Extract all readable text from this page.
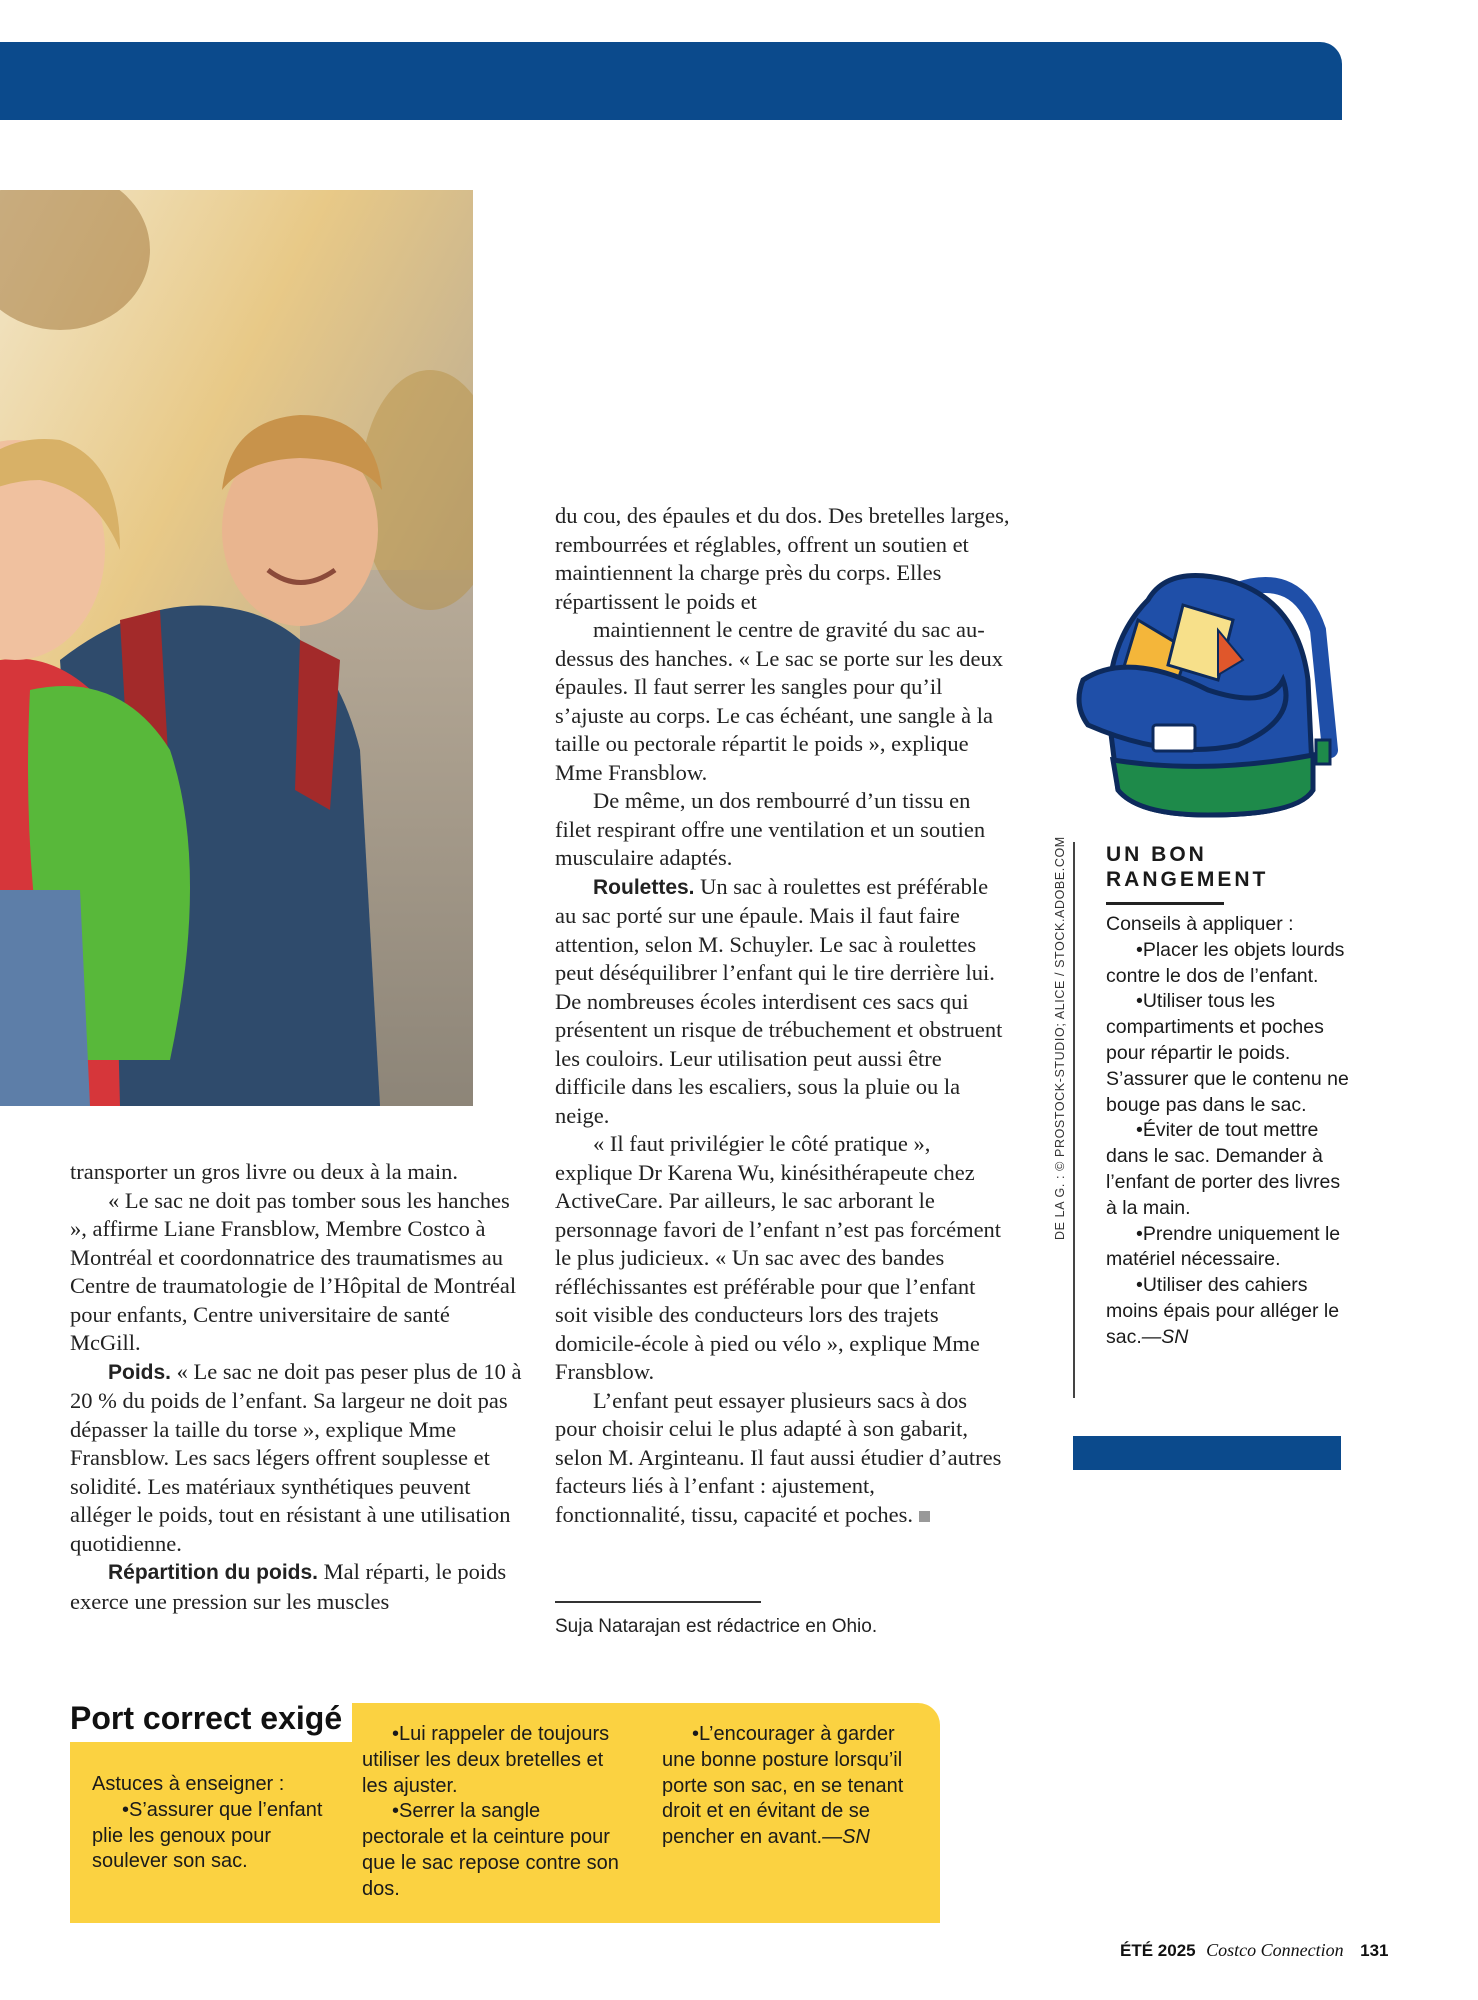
transporter un gros livre ou deux à la main.

« Le sac ne doit pas tomber sous les hanches », affirme Liane Fransblow, Membre Costco à Montréal et coordonnatrice des traumatismes au Centre de traumatologie de l’Hôpital de Montréal pour enfants, Centre universitaire de santé McGill.

Poids. « Le sac ne doit pas peser plus de 10 à 20 % du poids de l’enfant. Sa largeur ne doit pas dépasser la taille du torse », explique Mme Fransblow. Les sacs légers offrent souplesse et solidité. Les matériaux synthétiques peuvent alléger le poids, tout en résistant à une utilisation quotidienne.

Répartition du poids. Mal réparti, le poids exerce une pression sur les muscles

du cou, des épaules et du dos. Des bretelles larges, rembourrées et réglables, offrent un soutien et maintiennent la charge près du corps. Elles répartissent le poids et

maintiennent le centre de gravité du sac au-dessus des hanches. « Le sac se porte sur les deux épaules. Il faut serrer les sangles pour qu’il s’ajuste au corps. Le cas échéant, une sangle à la taille ou pectorale répartit le poids », explique Mme Fransblow.

De même, un dos rembourré d’un tissu en filet respirant offre une ventilation et un soutien musculaire adaptés.

Roulettes. Un sac à roulettes est préférable au sac porté sur une épaule. Mais il faut faire attention, selon M. Schuyler. Le sac à roulettes peut déséquilibrer l’enfant qui le tire derrière lui. De nombreuses écoles interdisent ces sacs qui présentent un risque de trébuchement et obstruent les couloirs. Leur utilisation peut aussi être difficile dans les escaliers, sous la pluie ou la neige.

« Il faut privilégier le côté pratique », explique Dr Karena Wu, kinésithérapeute chez ActiveCare. Par ailleurs, le sac arborant le personnage favori de l’enfant n’est pas forcément le plus judicieux. « Un sac avec des bandes réfléchissantes est préférable pour que l’enfant soit visible des conducteurs lors des trajets domicile-école à pied ou vélo », explique Mme Fransblow.

L’enfant peut essayer plusieurs sacs à dos pour choisir celui le plus adapté à son gabarit, selon M. Arginteanu. Il faut aussi étudier d’autres facteurs liés à l’enfant : ajustement, fonctionnalité, tissu, capacité et poches.

Suja Natarajan est rédactrice en Ohio.
DE LA G. : © PROSTOCK-STUDIO; ALICE / STOCK.ADOBE.COM UN BON RANGEMENT

Conseils à appliquer :

•Placer les objets lourds contre le dos de l’enfant.

•Utiliser tous les compartiments et poches pour répartir le poids. S’assurer que le contenu ne bouge pas dans le sac.

•Éviter de tout mettre dans le sac. Demander à l’enfant de porter des livres à la main.

•Prendre uniquement le matériel nécessaire.

•Utiliser des cahiers moins épais pour alléger le sac.—SN

Port correct exigé

Astuces à enseigner :

•S’assurer que l’enfant plie les genoux pour soulever son sac.

•Lui rappeler de toujours utiliser les deux bretelles et les ajuster.

•Serrer la sangle pectorale et la ceinture pour que le sac repose contre son dos.

•L’encourager à garder une bonne posture lorsqu’il porte son sac, en se tenant droit et en évitant de se pencher en avant.—SN

ÉTÉ 2025 Costco Connection 131
